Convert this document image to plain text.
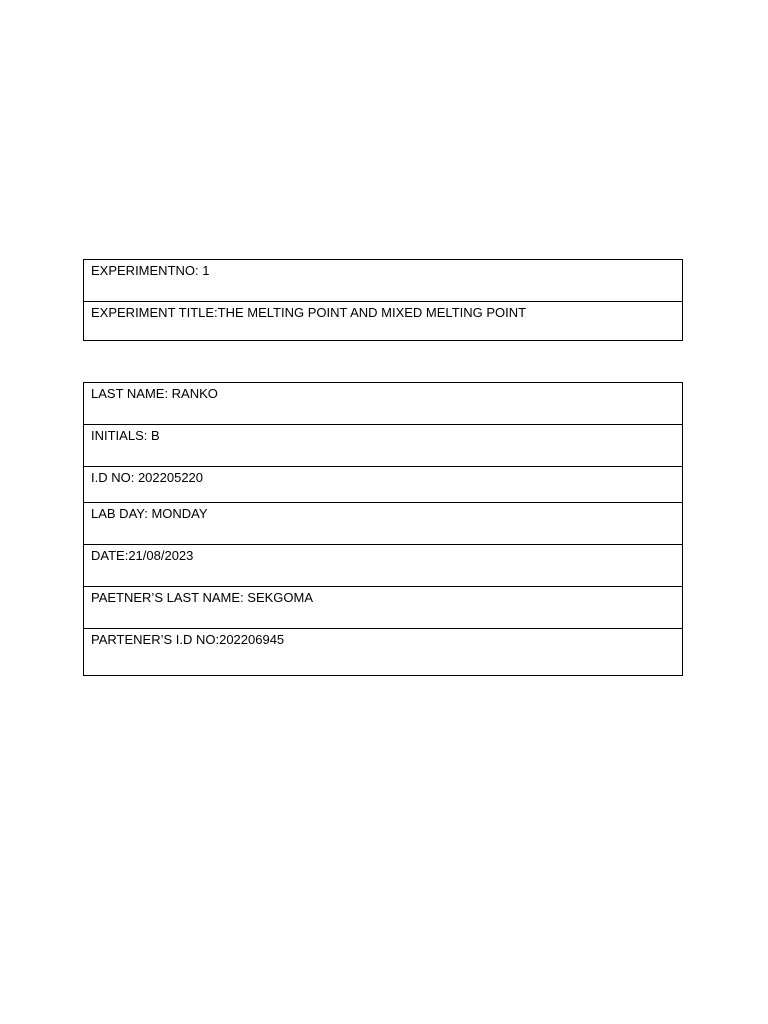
EXPERIMENTNO: 1
EXPERIMENT TITLE:THE MELTING POINT AND MIXED MELTING POINT
LAST NAME: RANKO
INITIALS: B
I.D NO: 202205220
LAB DAY: MONDAY
DATE:21/08/2023
PAETNER’S LAST NAME: SEKGOMA
PARTENER’S I.D NO:202206945
